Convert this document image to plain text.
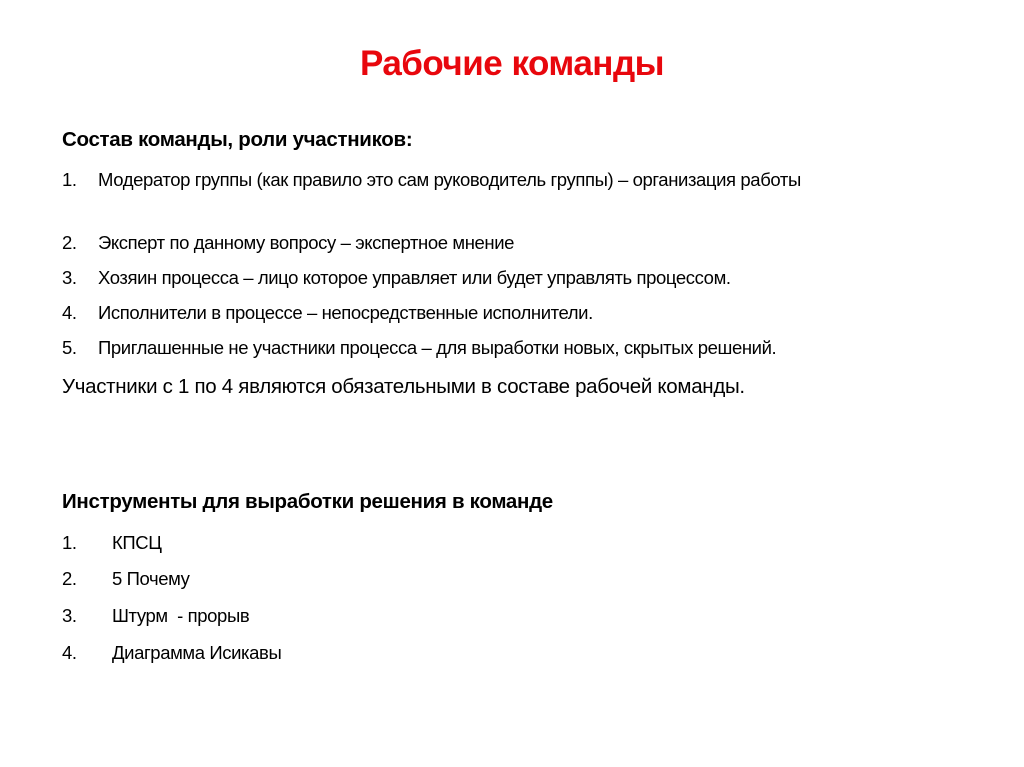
Рабочие команды
Состав команды, роли участников:
1. Модератор группы (как правило это сам руководитель группы) – организация работы
2. Эксперт по данному вопросу – экспертное мнение
3. Хозяин процесса – лицо которое управляет или будет управлять процессом.
4. Исполнители в процессе – непосредственные исполнители.
5. Приглашенные не участники процесса – для выработки новых, скрытых решений.
Участники с 1 по 4 являются обязательными в составе рабочей команды.
Инструменты для выработки решения в команде
1. КПСЦ
2. 5 Почему
3. Штурм  - прорыв
4. Диаграмма Исикавы
